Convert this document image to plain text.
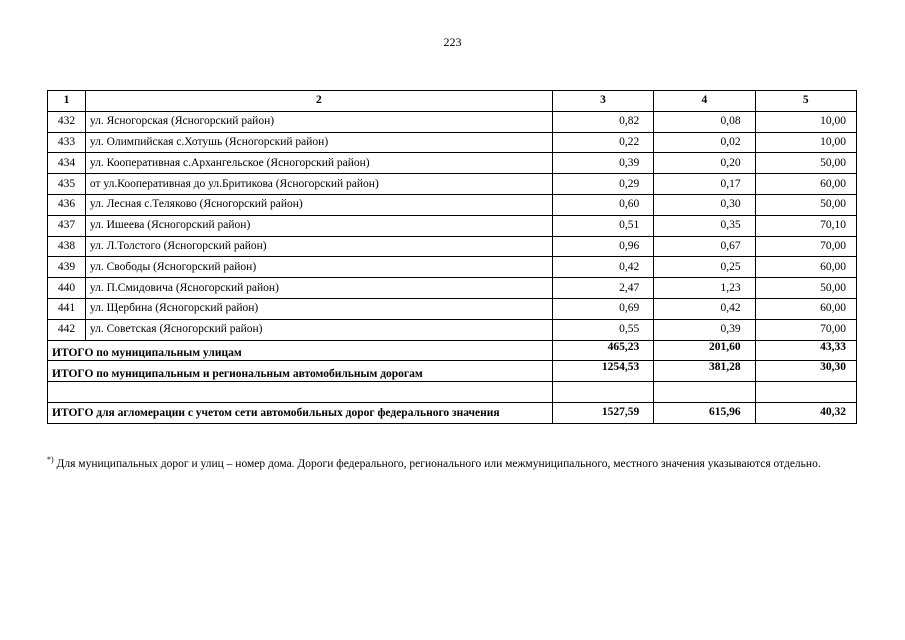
223
1	2	3	4	5
432	ул. Ясногорская (Ясногорский район)	0,82	0,08	10,00
433	ул. Олимпийская с.Хотушь (Ясногорский район)	0,22	0,02	10,00
434	ул. Кооперативная с.Архангельское (Ясногорский район)	0,39	0,20	50,00
435	от ул.Кооперативная до ул.Бритикова (Ясногорский район)	0,29	0,17	60,00
436	ул. Лесная с.Теляково (Ясногорский район)	0,60	0,30	50,00
437	ул. Ишеева (Ясногорский район)	0,51	0,35	70,10
438	ул. Л.Толстого (Ясногорский район)	0,96	0,67	70,00
439	ул. Свободы (Ясногорский район)	0,42	0,25	60,00
440	ул. П.Смидовича (Ясногорский район)	2,47	1,23	50,00
441	ул. Щербина (Ясногорский район)	0,69	0,42	60,00
442	ул. Советская (Ясногорский район)	0,55	0,39	70,00
ИТОГО по муниципальным улицам		465,23	201,60	43,33
ИТОГО по муниципальным и региональным автомобильным дорогам		1254,53	381,28	30,30

ИТОГО для агломерации с учетом сети автомобильных дорог федерального значения		1527,59	615,96	40,32
*) Для муниципальных дорог и улиц – номер дома. Дороги федерального, регионального или межмуниципального, местного значения указываются отдельно.
